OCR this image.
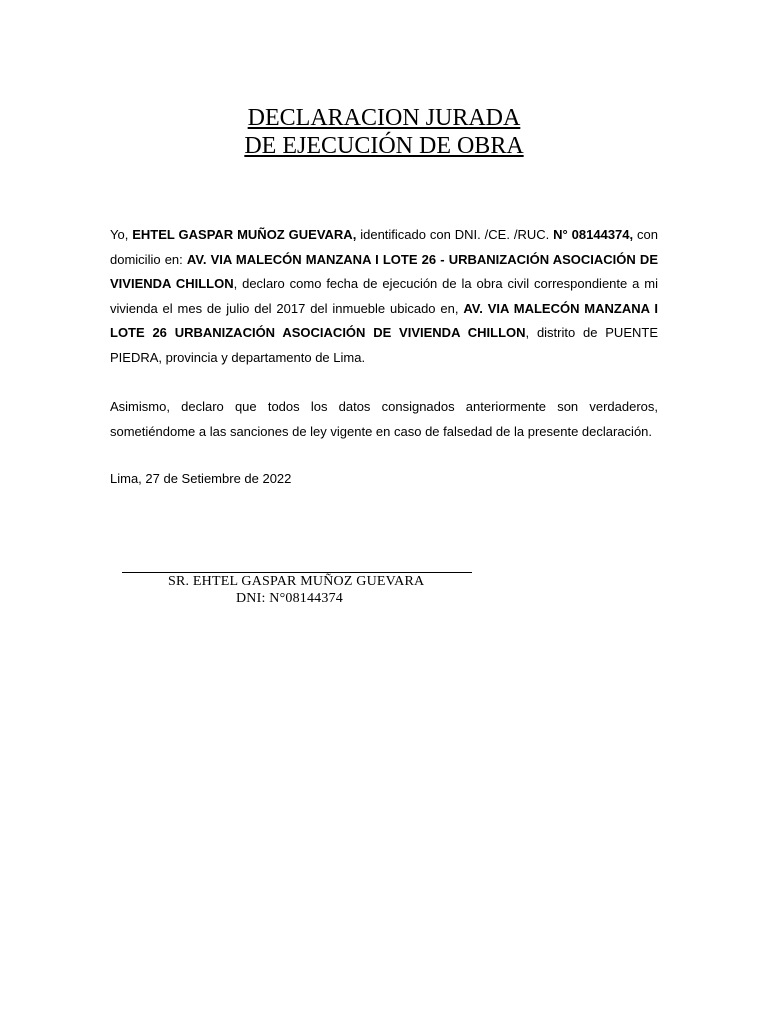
DECLARACION JURADA
DE EJECUCIÓN DE OBRA
Yo, EHTEL GASPAR MUÑOZ GUEVARA, identificado con DNI. /CE. /RUC. N° 08144374, con domicilio en: AV. VIA MALECÓN MANZANA I LOTE 26 - URBANIZACIÓN ASOCIACIÓN DE VIVIENDA CHILLON, declaro como fecha de ejecución de la obra civil correspondiente a mi vivienda el mes de julio del 2017 del inmueble ubicado en, AV. VIA MALECÓN MANZANA I LOTE 26 URBANIZACIÓN ASOCIACIÓN DE VIVIENDA CHILLON, distrito de PUENTE PIEDRA, provincia y departamento de Lima.
Asimismo, declaro que todos los datos consignados anteriormente son verdaderos, sometiéndome a las sanciones de ley vigente en caso de falsedad de la presente declaración.
Lima, 27 de Setiembre de 2022
SR. EHTEL GASPAR MUÑOZ GUEVARA
DNI: N°08144374
